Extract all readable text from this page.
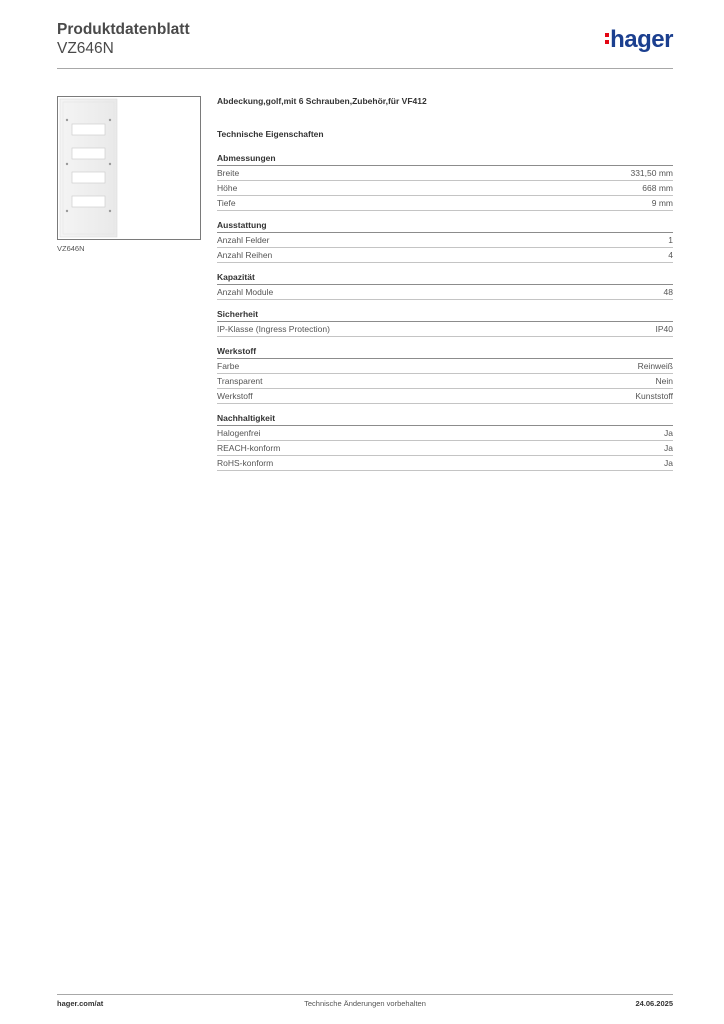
Produktdatenblatt
VZ646N	hager
VZ646N

Abdeckung,golf,mit 6 Schrauben,Zubehör,für VF412

Technische Eigenschaften

Abmessungen
Breite	331,50 mm
Höhe	668 mm
Tiefe	9 mm
Ausstattung
Anzahl Felder	1
Anzahl Reihen	4
Kapazität
Anzahl Module	48
Sicherheit
IP-Klasse (Ingress Protection)	IP40
Werkstoff
Farbe	Reinweiß
Transparent	Nein
Werkstoff	Kunststoff
Nachhaltigkeit
Halogenfrei	Ja
REACH-konform	Ja
RoHS-konform	Ja
hager.com/at	Technische Änderungen vorbehalten	24.06.2025
